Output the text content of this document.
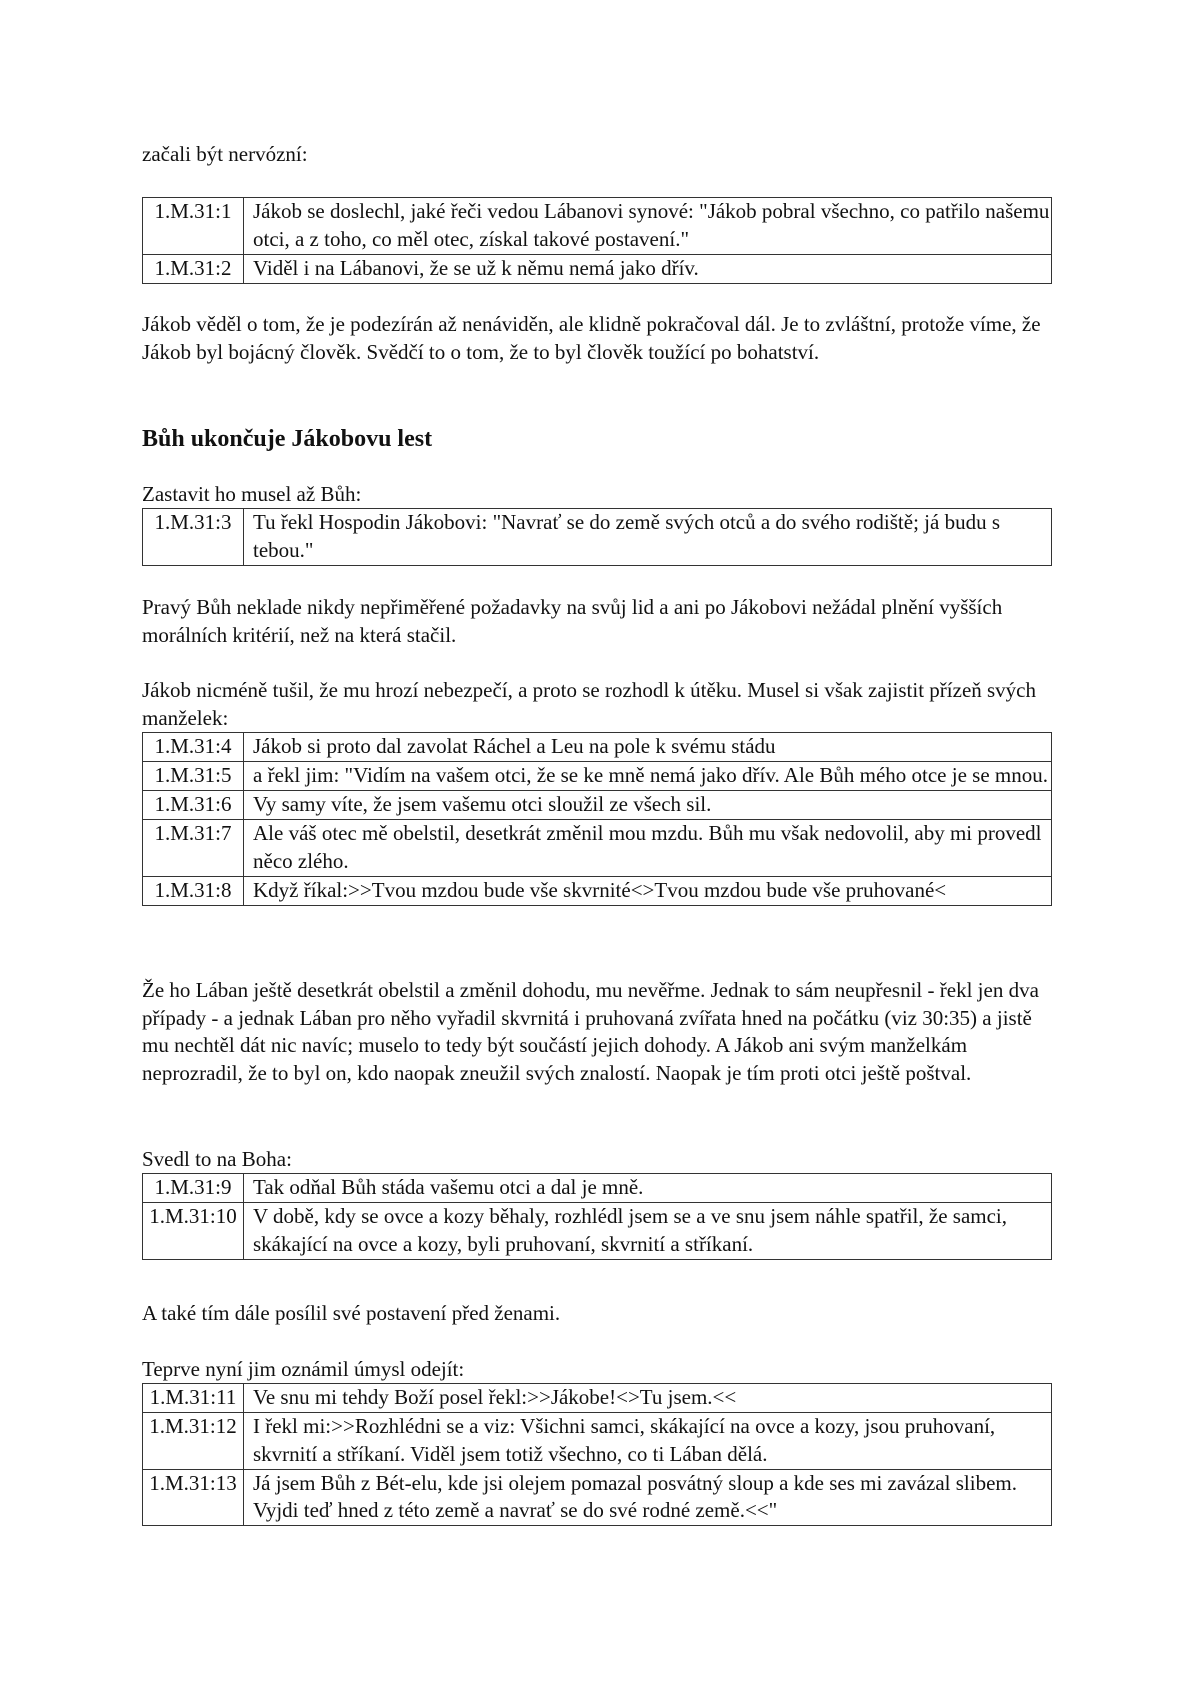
začali být nervózní:

1.M.31:1	Jákob se doslechl, jaké řeči vedou Lábanovi synové: "Jákob pobral všechno, co patřilo našemu otci, a z toho, co měl otec, získal takové postavení."
1.M.31:2	Viděl i na Lábanovi, že se už k němu nemá jako dřív.

Jákob věděl o tom, že je podezírán až nenáviděn, ale klidně pokračoval dál. Je to zvláštní, protože víme, že Jákob byl bojácný člověk. Svědčí to o tom, že to byl člověk toužící po bohatství.

Bůh ukončuje Jákobovu lest

Zastavit ho musel až Bůh:

1.M.31:3	Tu řekl Hospodin Jákobovi: "Navrať se do země svých otců a do svého rodiště; já budu s tebou."

Pravý Bůh neklade nikdy nepřiměřené požadavky na svůj lid a ani po Jákobovi nežádal plnění vyšších morálních kritérií, než na která stačil.

Jákob nicméně tušil, že mu hrozí nebezpečí, a proto se rozhodl k útěku. Musel si však zajistit přízeň svých manželek:

1.M.31:4	Jákob si proto dal zavolat Ráchel a Leu na pole k svému stádu
1.M.31:5	a řekl jim: "Vidím na vašem otci, že se ke mně nemá jako dřív. Ale Bůh mého otce je se mnou.
1.M.31:6	Vy samy víte, že jsem vašemu otci sloužil ze všech sil.
1.M.31:7	Ale váš otec mě obelstil, desetkrát změnil mou mzdu. Bůh mu však nedovolil, aby mi provedl něco zlého.
1.M.31:8	Když říkal:>>Tvou mzdou bude vše skvrnité<>Tvou mzdou bude vše pruhované<

Že ho Lában ještě desetkrát obelstil a změnil dohodu, mu nevěřme. Jednak to sám neupřesnil - řekl jen dva případy - a jednak Lában pro něho vyřadil skvrnitá i pruhovaná zvířata hned na počátku (viz 30:35) a jistě mu nechtěl dát nic navíc; muselo to tedy být součástí jejich dohody. A Jákob ani svým manželkám neprozradil, že to byl on, kdo naopak zneužil svých znalostí. Naopak je tím proti otci ještě poštval.

Svedl to na Boha:

1.M.31:9	Tak odňal Bůh stáda vašemu otci a dal je mně.
1.M.31:10	V době, kdy se ovce a kozy běhaly, rozhlédl jsem se a ve snu jsem náhle spatřil, že samci, skákající na ovce a kozy, byli pruhovaní, skvrnití a stříkaní.

A také tím dále posílil své postavení před ženami.

Teprve nyní jim oznámil úmysl odejít:

1.M.31:11	Ve snu mi tehdy Boží posel řekl:>>Jákobe!<>Tu jsem.<<
1.M.31:12	I řekl mi:>>Rozhlédni se a viz: Všichni samci, skákající na ovce a kozy, jsou pruhovaní, skvrnití a stříkaní. Viděl jsem totiž všechno, co ti Lában dělá.
1.M.31:13	Já jsem Bůh z Bét-elu, kde jsi olejem pomazal posvátný sloup a kde ses mi zavázal slibem. Vyjdi teď hned z této země a navrať se do své rodné země.<<"
